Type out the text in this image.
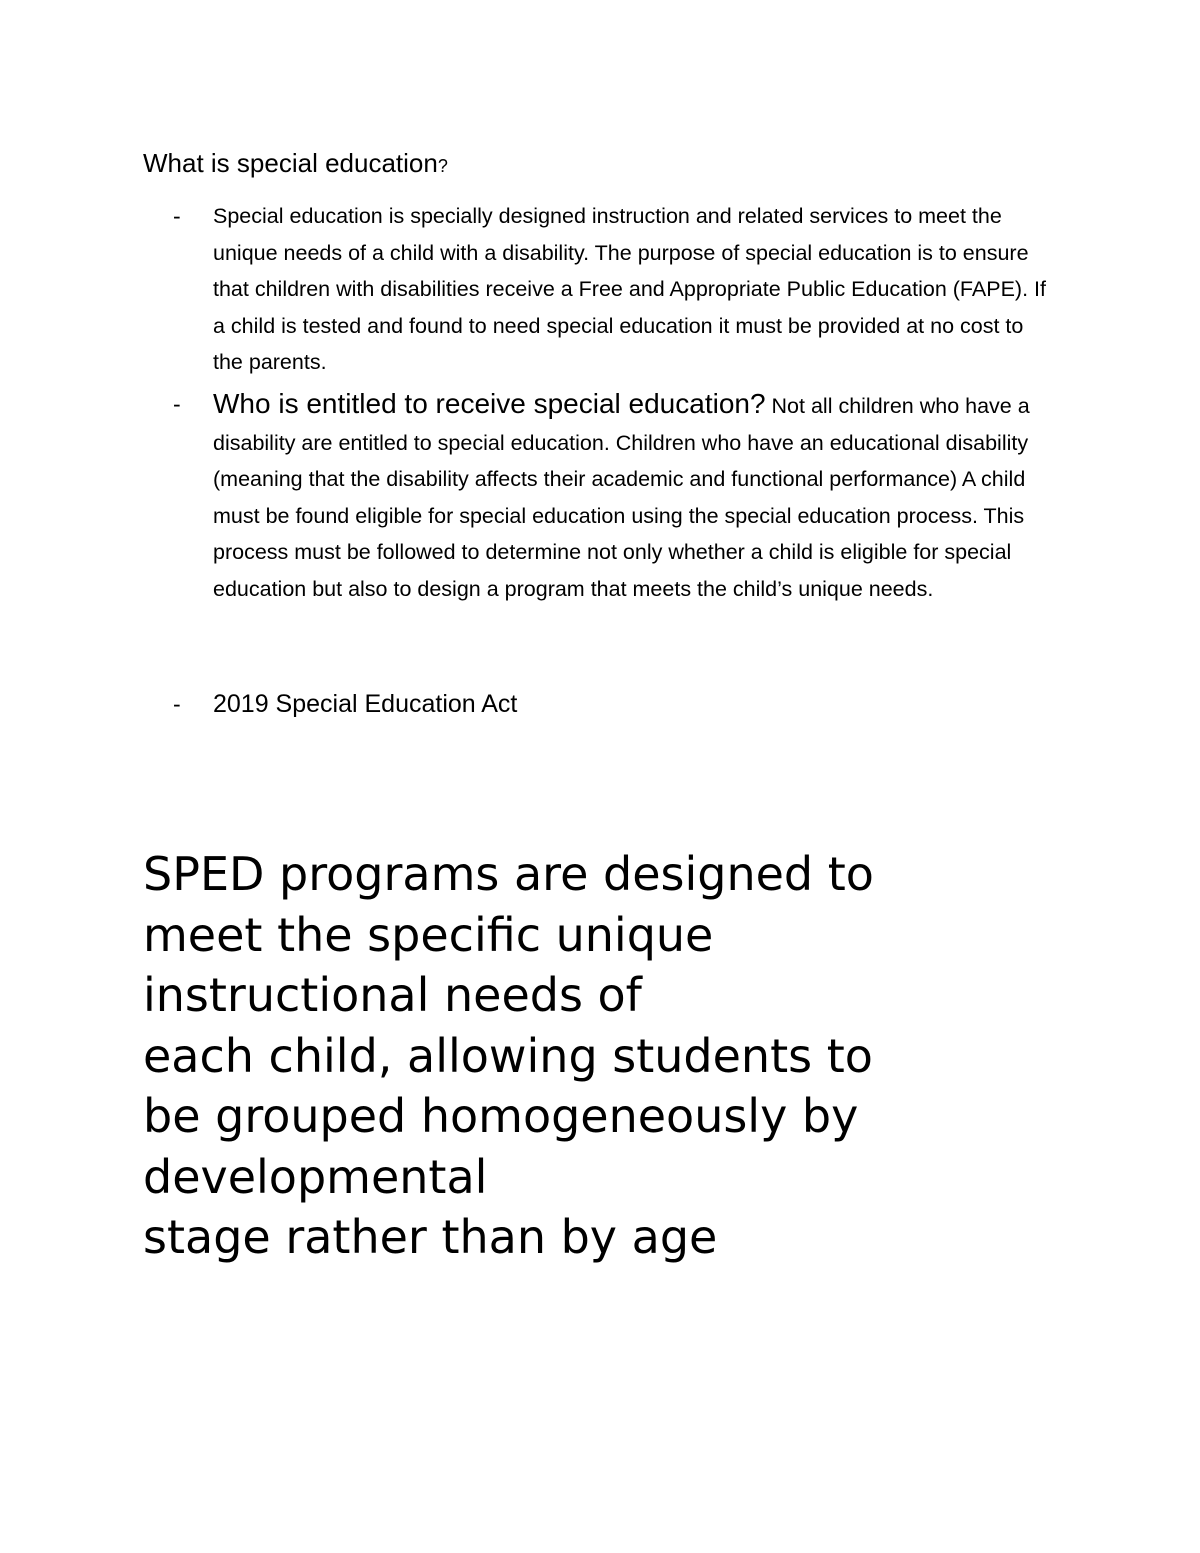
What is special education?
- Special education is specially designed instruction and related services to meet the unique needs of a child with a disability. The purpose of special education is to ensure that children with disabilities receive a Free and Appropriate Public Education (FAPE). If a child is tested and found to need special education it must be provided at no cost to the parents.
- Who is entitled to receive special education? Not all children who have a disability are entitled to special education. Children who have an educational disability (meaning that the disability affects their academic and functional performance) A child must be found eligible for special education using the special education process. This process must be followed to determine not only whether a child is eligible for special education but also to design a program that meets the child’s unique needs.
- 2019 Special Education Act

SPED programs are designed to
meet the specific unique
instructional needs of
each child, allowing students to
be grouped homogeneously by
developmental
stage rather than by age
